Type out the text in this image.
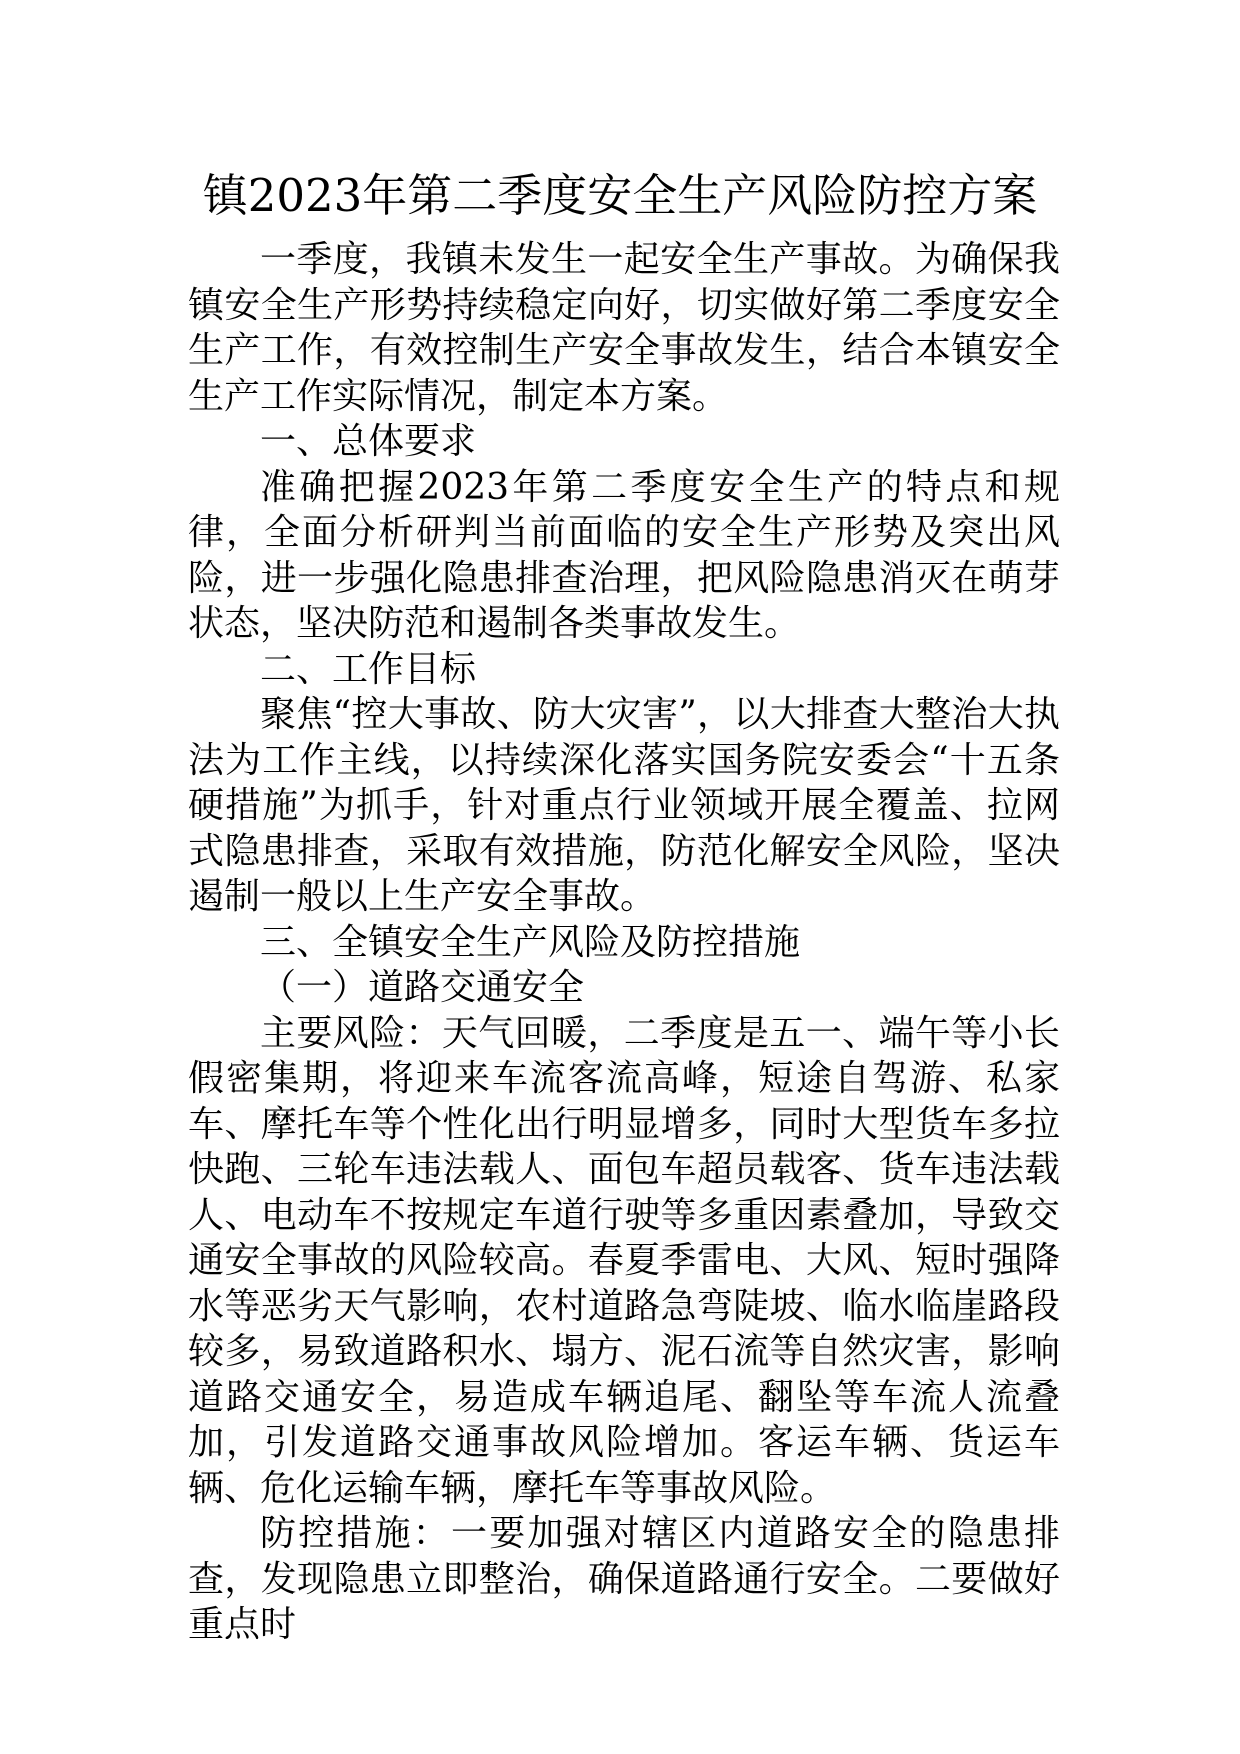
镇2023年第二季度安全生产风险防控方案

一季度，我镇未发生一起安全生产事故。为确保我镇安全生产形势持续稳定向好，切实做好第二季度安全生产工作，有效控制生产安全事故发生，结合本镇安全生产工作实际情况，制定本方案。

一、总体要求

准确把握2023年第二季度安全生产的特点和规律，全面分析研判当前面临的安全生产形势及突出风险，进一步强化隐患排查治理，把风险隐患消灭在萌芽状态，坚决防范和遏制各类事故发生。

二、工作目标

聚焦“控大事故、防大灾害”，以大排查大整治大执法为工作主线，以持续深化落实国务院安委会“十五条硬措施”为抓手，针对重点行业领域开展全覆盖、拉网式隐患排查，采取有效措施，防范化解安全风险，坚决遏制一般以上生产安全事故。

三、全镇安全生产风险及防控措施

（一）道路交通安全

主要风险：天气回暖，二季度是五一、端午等小长假密集期，将迎来车流客流高峰，短途自驾游、私家车、摩托车等个性化出行明显增多，同时大型货车多拉快跑、三轮车违法载人、面包车超员载客、货车违法载人、电动车不按规定车道行驶等多重因素叠加，导致交通安全事故的风险较高。春夏季雷电、大风、短时强降水等恶劣天气影响，农村道路急弯陡坡、临水临崖路段较多，易致道路积水、塌方、泥石流等自然灾害，影响道路交通安全，易造成车辆追尾、翻坠等车流人流叠加，引发道路交通事故风险增加。客运车辆、货运车辆、危化运输车辆，摩托车等事故风险。

防控措施：一要加强对辖区内道路安全的隐患排查，发现隐患立即整治，确保道路通行安全。二要做好重点时
